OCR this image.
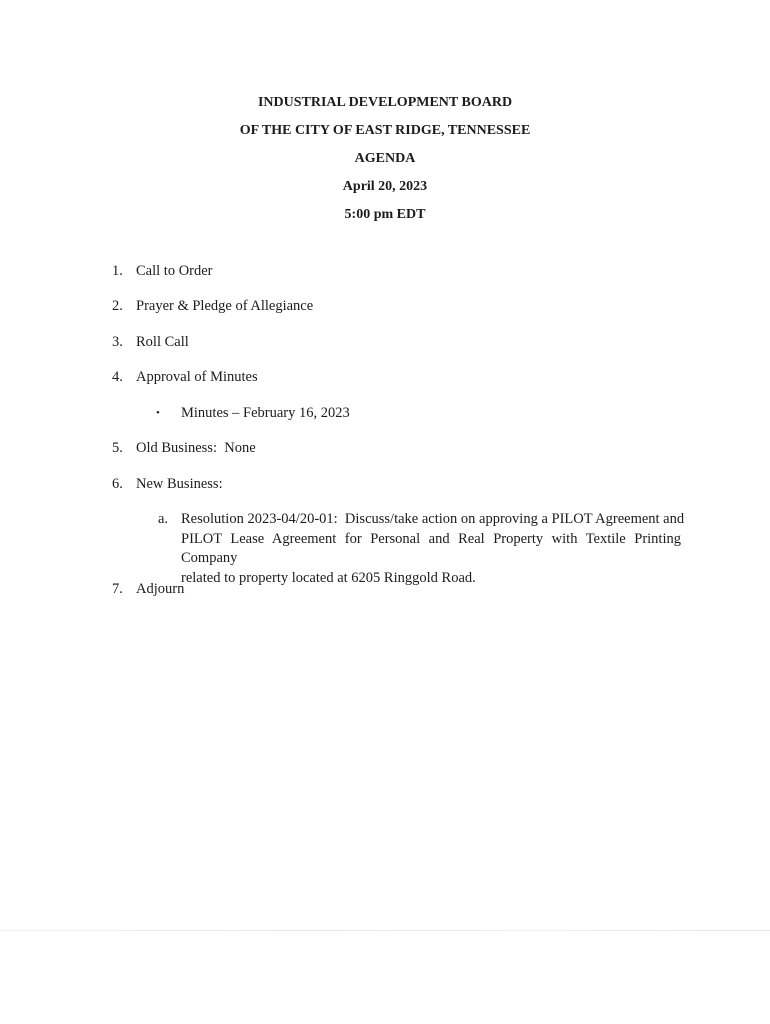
INDUSTRIAL DEVELOPMENT BOARD
OF THE CITY OF EAST RIDGE, TENNESSEE
AGENDA
April 20, 2023
5:00 pm EDT
1. Call to Order
2. Prayer & Pledge of Allegiance
3. Roll Call
4. Approval of Minutes
• Minutes – February 16, 2023
5. Old Business:  None
6. New Business:
a. Resolution 2023-04/20-01:  Discuss/take action on approving a PILOT Agreement and
PILOT Lease Agreement for Personal and Real Property with Textile Printing Company
related to property located at 6205 Ringgold Road.
7. Adjourn
